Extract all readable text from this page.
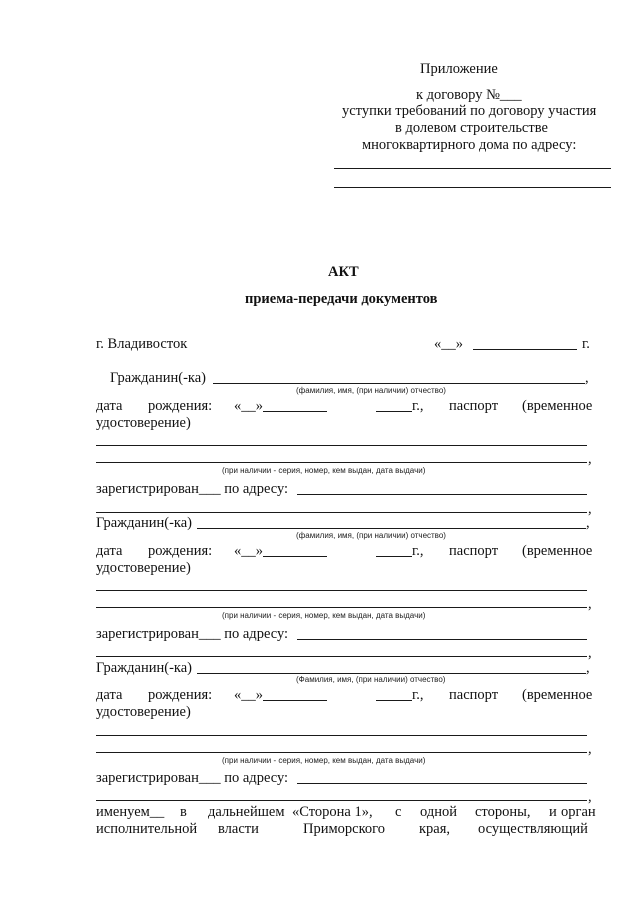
Приложение
к договору №___
уступки требований по договору участия
в долевом строительстве
многоквартирного дома по адресу:
АКТ
приема-передачи документов
г. Владивосток	«__»	г.
Гражданин(-ка)	,
(фамилия, имя, (при наличии) отчество)
дата рождения: «__»	г., паспорт (временное
удостоверение)
,
(при наличии - серия, номер, кем выдан, дата выдачи)
зарегистрирован___ по адресу:
,
Гражданин(-ка)	,
(фамилия, имя, (при наличии) отчество)
дата рождения: «__»	г., паспорт (временное
удостоверение)
,
(при наличии - серия, номер, кем выдан, дата выдачи)
зарегистрирован___ по адресу:
,
Гражданин(-ка)	,
(Фамилия, имя, (при наличии) отчество)
дата рождения: «__»	г., паспорт (временное
удостоверение)
,
(при наличии - серия, номер, кем выдан, дата выдачи)
зарегистрирован___ по адресу:
,
именуем__ в дальнейшем «Сторона 1», с одной стороны, и орган
исполнительной власти	Приморского края, осуществляющий
